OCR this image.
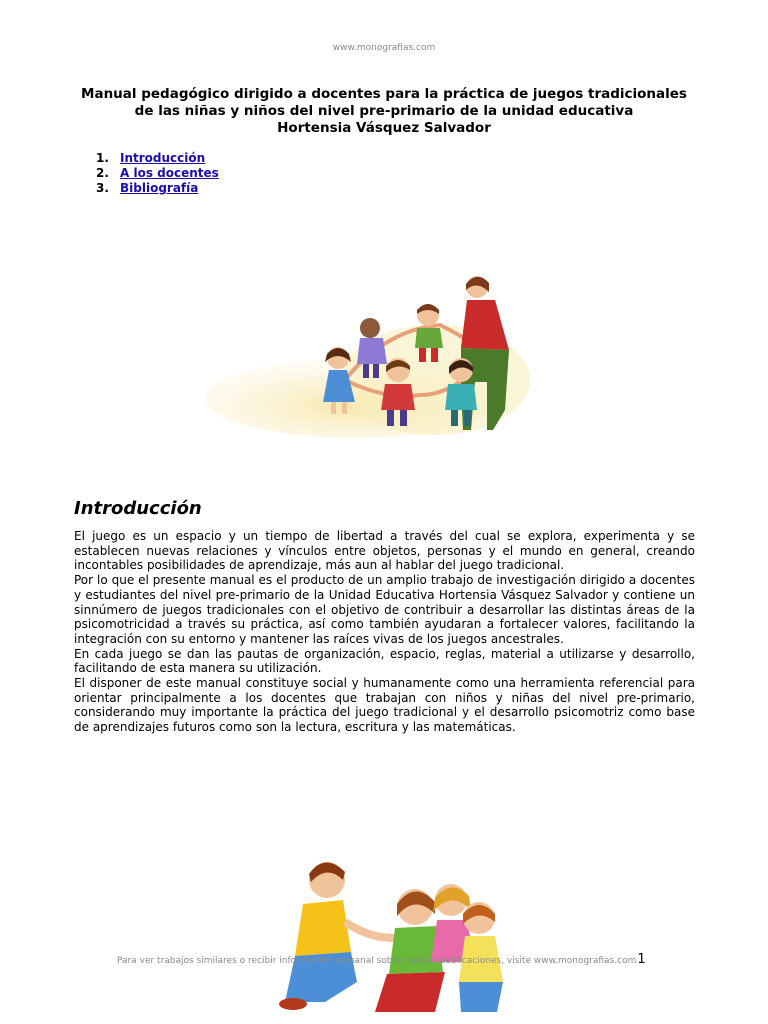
www.monografias.com
Manual pedagógico dirigido a docentes para la práctica de juegos tradicionales
de las niñas y niños del nivel pre-primario de la unidad educativa
Hortensia Vásquez Salvador
1. Introducción
2. A los docentes
3. Bibliografía
Introducción

El juego es un espacio y un tiempo de libertad a través del cual se explora, experimenta y se establecen nuevas relaciones y vínculos entre objetos, personas y el mundo en general, creando incontables posibilidades de aprendizaje, más aun al hablar del juego tradicional.

Por lo que el presente manual es el producto de un amplio trabajo de investigación dirigido a docentes y estudiantes del nivel pre-primario de la Unidad Educativa Hortensia Vásquez Salvador y contiene un sinnúmero de juegos tradicionales con el objetivo de contribuir a desarrollar las distintas áreas de la psicomotricidad a través su práctica, así como también ayudaran a fortalecer valores, facilitando la integración con su entorno y mantener las raíces vivas de los juegos ancestrales.

En cada juego se dan las pautas de organización, espacio, reglas, material a utilizarse y desarrollo, facilitando de esta manera su utilización.

El disponer de este manual constituye social y humanamente como una herramienta referencial para orientar principalmente a los docentes que trabajan con niños y niñas del nivel pre-primario, considerando muy importante la práctica del juego tradicional y el desarrollo psicomotriz como base de aprendizajes futuros como son la lectura, escritura y las matemáticas.

Para ver trabajos similares o recibir información semanal sobre nuevas publicaciones, visite www.monografias.com1
